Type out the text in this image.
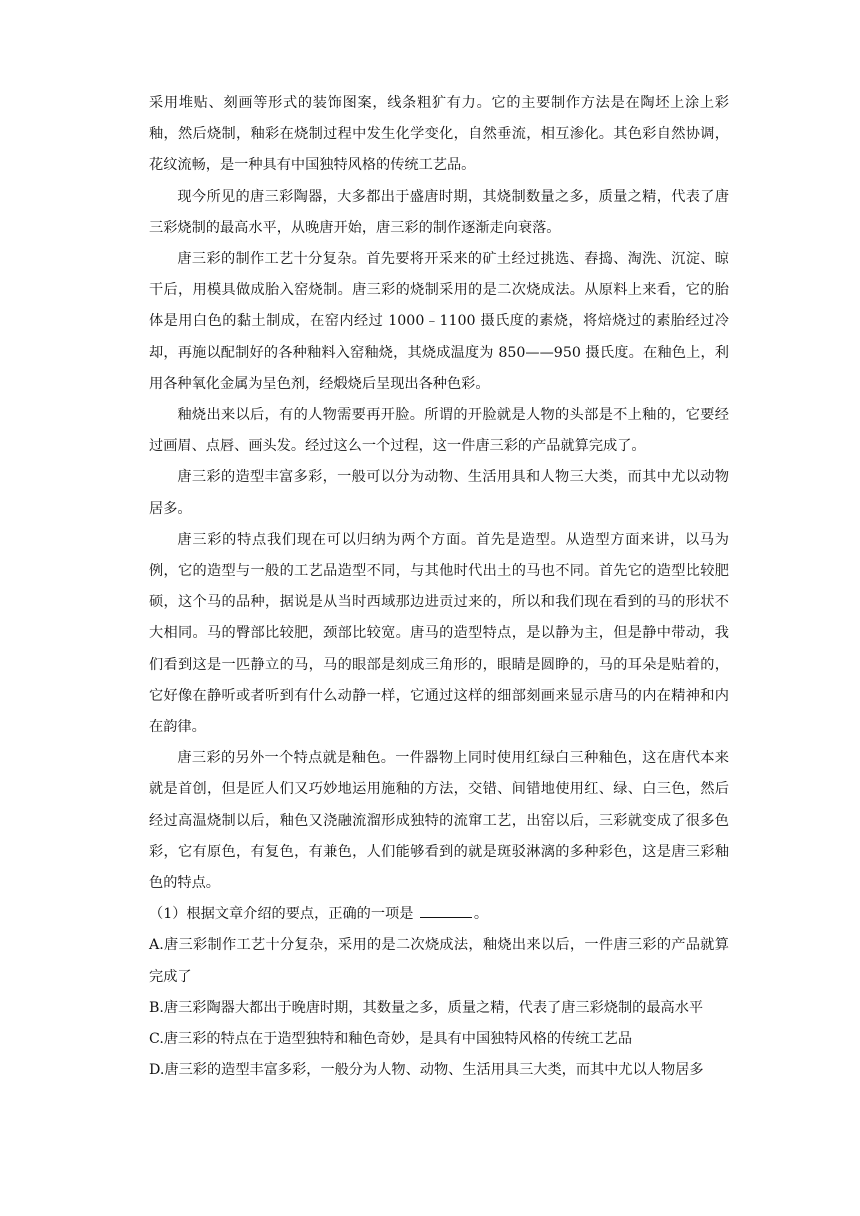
采用堆贴、刻画等形式的装饰图案，线条粗犷有力。它的主要制作方法是在陶坯上涂上彩釉，然后烧制，釉彩在烧制过程中发生化学变化，自然垂流，相互渗化。其色彩自然协调，花纹流畅，是一种具有中国独特风格的传统工艺品。

现今所见的唐三彩陶器，大多都出于盛唐时期，其烧制数量之多，质量之精，代表了唐三彩烧制的最高水平，从晚唐开始，唐三彩的制作逐渐走向衰落。

唐三彩的制作工艺十分复杂。首先要将开采来的矿土经过挑选、舂捣、淘洗、沉淀、晾干后，用模具做成胎入窑烧制。唐三彩的烧制采用的是二次烧成法。从原料上来看，它的胎体是用白色的黏土制成，在窑内经过 1000﹣1100 摄氏度的素烧，将焙烧过的素胎经过冷却，再施以配制好的各种釉料入窑釉烧，其烧成温度为 850——950 摄氏度。在釉色上，利用各种氧化金属为呈色剂，经煅烧后呈现出各种色彩。

釉烧出来以后，有的人物需要再开脸。所谓的开脸就是人物的头部是不上釉的，它要经过画眉、点唇、画头发。经过这么一个过程，这一件唐三彩的产品就算完成了。

唐三彩的造型丰富多彩，一般可以分为动物、生活用具和人物三大类，而其中尤以动物居多。

唐三彩的特点我们现在可以归纳为两个方面。首先是造型。从造型方面来讲，以马为例，它的造型与一般的工艺品造型不同，与其他时代出土的马也不同。首先它的造型比较肥硕，这个马的品种，据说是从当时西域那边进贡过来的，所以和我们现在看到的马的形状不大相同。马的臀部比较肥，颈部比较宽。唐马的造型特点，是以静为主，但是静中带动，我们看到这是一匹静立的马，马的眼部是刻成三角形的，眼睛是圆睁的，马的耳朵是贴着的，它好像在静听或者听到有什么动静一样，它通过这样的细部刻画来显示唐马的内在精神和内在韵律。

唐三彩的另外一个特点就是釉色。一件器物上同时使用红绿白三种釉色，这在唐代本来就是首创，但是匠人们又巧妙地运用施釉的方法，交错、间错地使用红、绿、白三色，然后经过高温烧制以后，釉色又浇融流溜形成独特的流窜工艺，出窑以后，三彩就变成了很多色彩，它有原色，有复色，有兼色，人们能够看到的就是斑驳淋漓的多种彩色，这是唐三彩釉色的特点。

（1）根据文章介绍的要点，正确的一项是	。

A.唐三彩制作工艺十分复杂，采用的是二次烧成法，釉烧出来以后，一件唐三彩的产品就算完成了

B.唐三彩陶器大都出于晚唐时期，其数量之多，质量之精，代表了唐三彩烧制的最高水平

C.唐三彩的特点在于造型独特和釉色奇妙，是具有中国独特风格的传统工艺品

D.唐三彩的造型丰富多彩，一般分为人物、动物、生活用具三大类，而其中尤以人物居多
